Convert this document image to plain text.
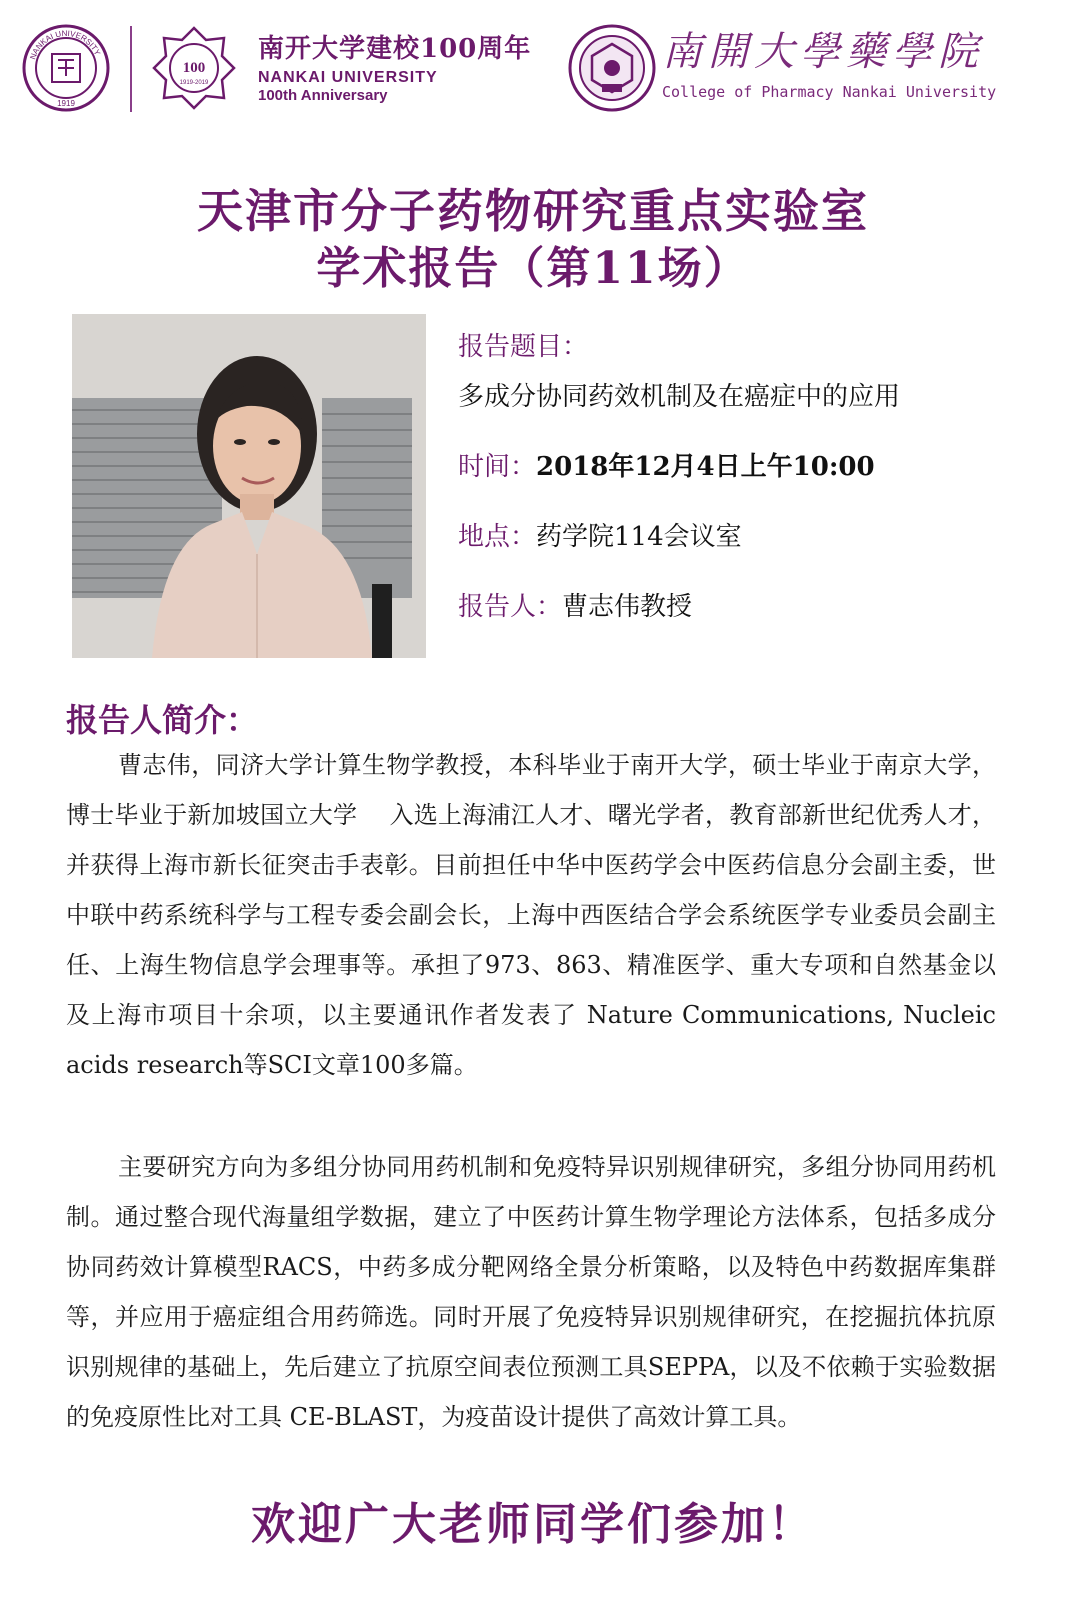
NANKAI UNIVERSITY
1919
100
1919-2019
南开大学建校100周年
NANKAI UNIVERSITY
100th Anniversary
南開大學藥學院
College of Pharmacy Nankai University
天津市分子药物研究重点实验室
学术报告（第11场）
报告题目：
多成分协同药效机制及在癌症中的应用
时间：2018年12月4日上午10:00
地点：药学院114会议室
报告人：曹志伟教授
报告人简介：
曹志伟，同济大学计算生物学教授，本科毕业于南开大学，硕士毕业于南京大学，博士毕业于新加坡国立大学　 入选上海浦江人才、曙光学者，教育部新世纪优秀人才，并获得上海市新长征突击手表彰。目前担任中华中医药学会中医药信息分会副主委，世中联中药系统科学与工程专委会副会长，上海中西医结合学会系统医学专业委员会副主任、上海生物信息学会理事等。承担了973、863、精准医学、重大专项和自然基金以及上海市项目十余项，以主要通讯作者发表了 Nature Communications, Nucleic acids research等SCI文章100多篇。
主要研究方向为多组分协同用药机制和免疫特异识别规律研究，多组分协同用药机制。通过整合现代海量组学数据，建立了中医药计算生物学理论方法体系，包括多成分协同药效计算模型RACS，中药多成分靶网络全景分析策略，以及特色中药数据库集群等，并应用于癌症组合用药筛选。同时开展了免疫特异识别规律研究，在挖掘抗体抗原识别规律的基础上，先后建立了抗原空间表位预测工具SEPPA，以及不依赖于实验数据的免疫原性比对工具 CE-BLAST，为疫苗设计提供了高效计算工具。
欢迎广大老师同学们参加！
